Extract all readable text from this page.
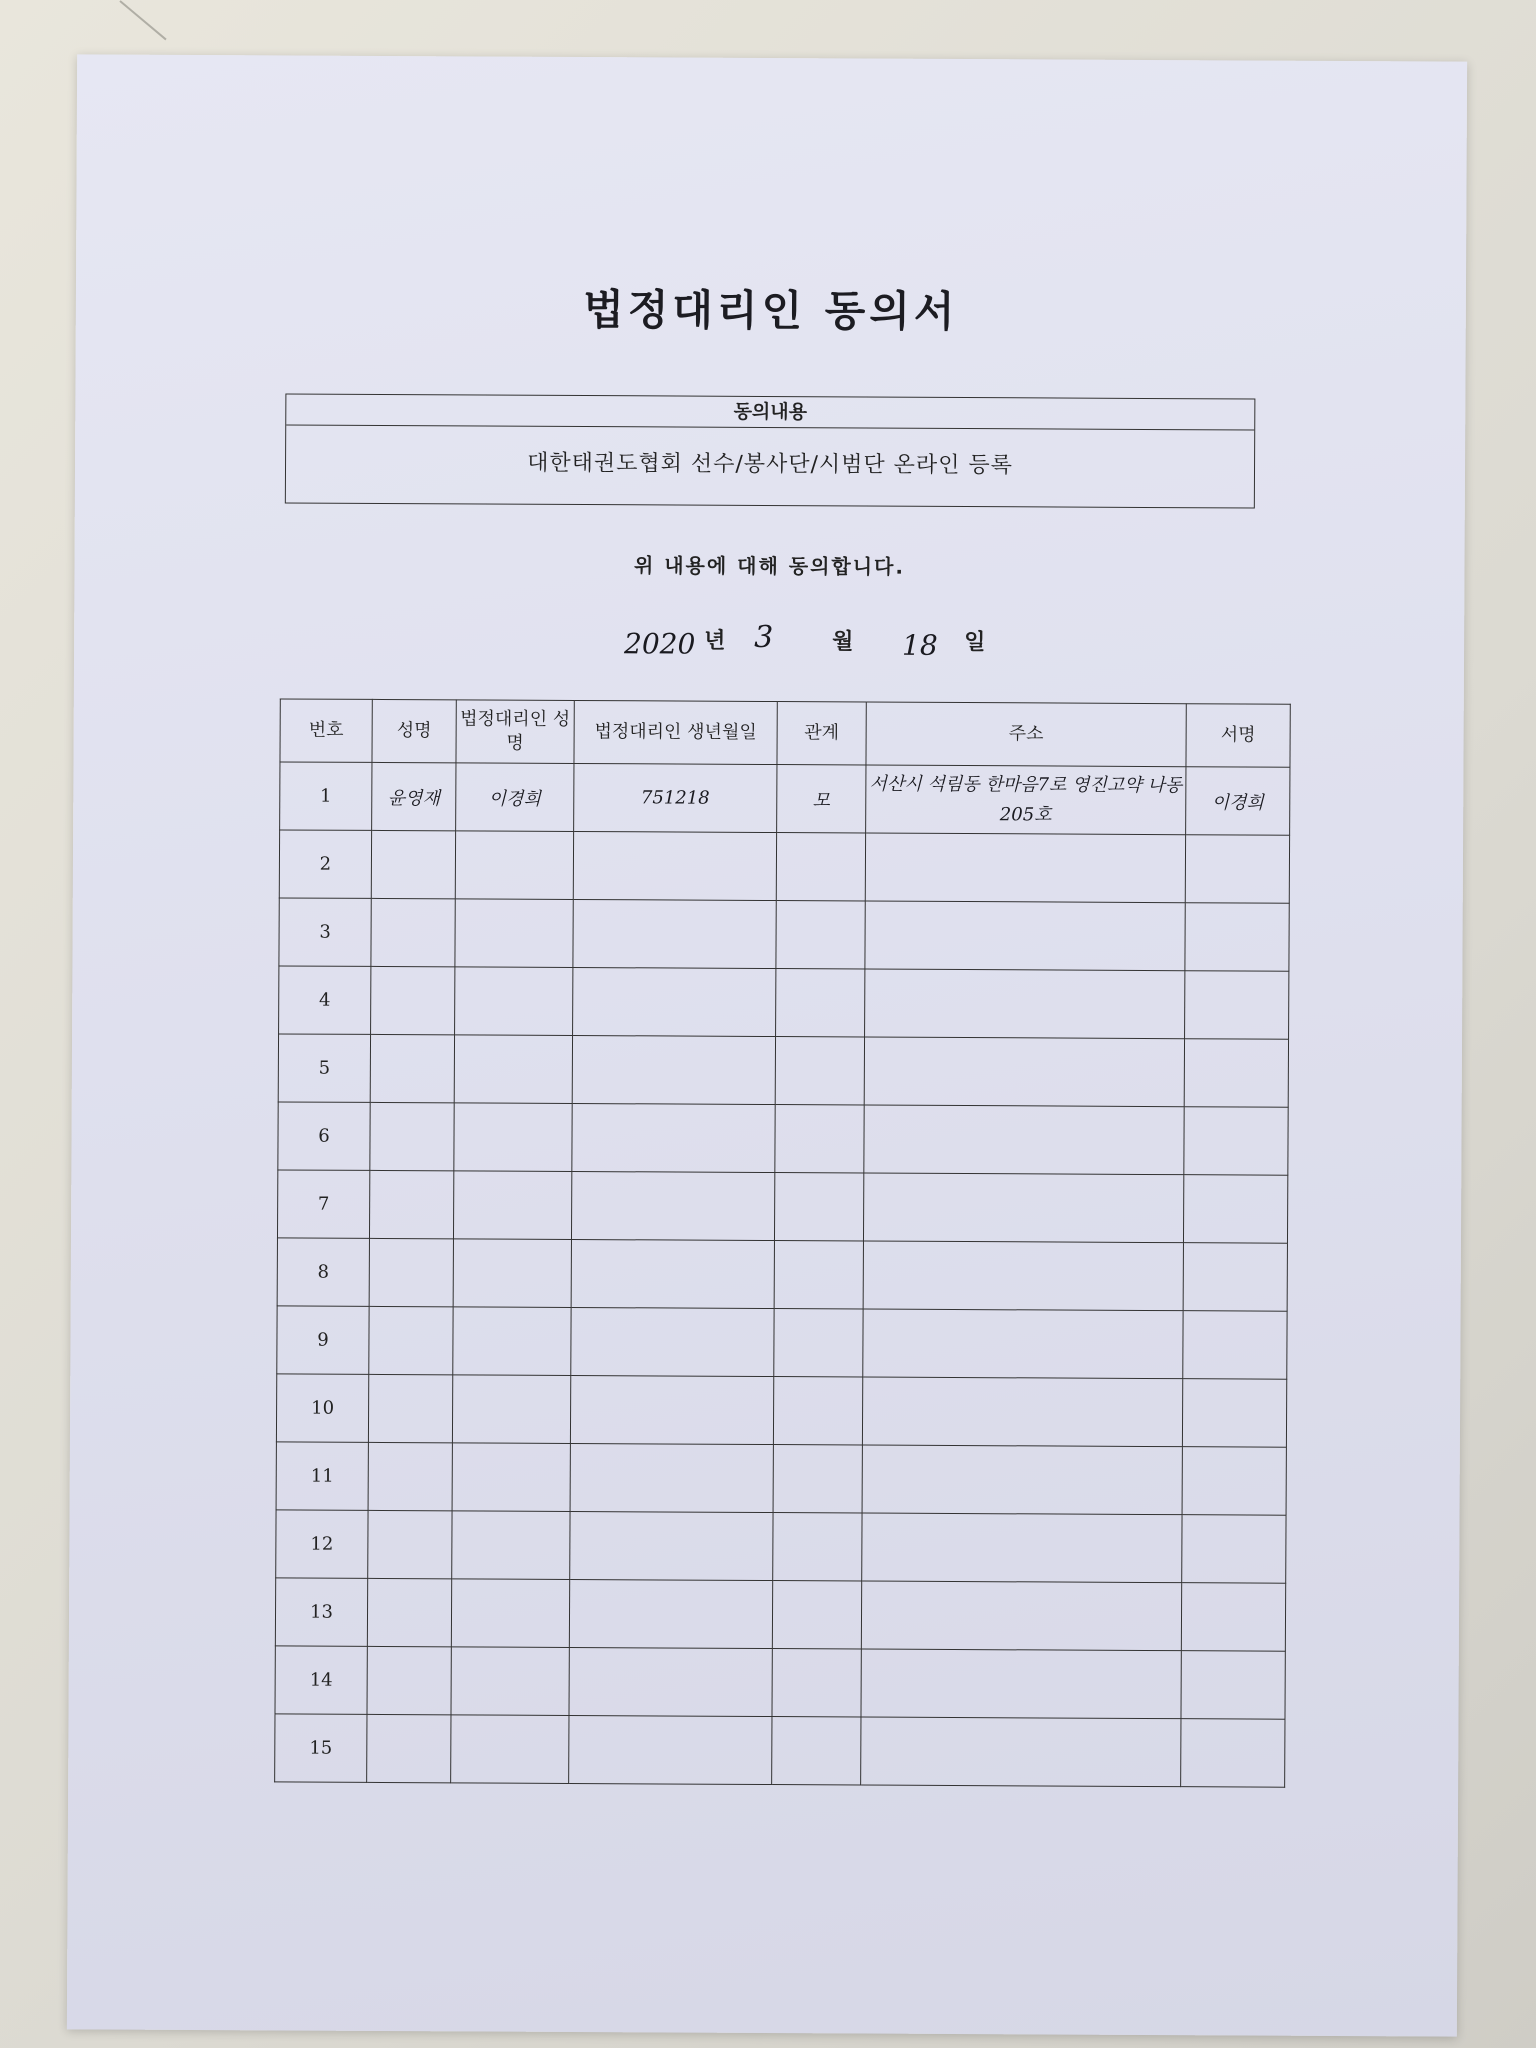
법정대리인 동의서
동의내용
대한태권도협회 선수/봉사단/시범단 온라인 등록
위 내용에 대해 동의합니다.
2020 년 3	월 18 일
번호	성명	법정대리인 성명	법정대리인 생년월일	관계	주소	서명
1	윤영재	이경희	751218	모	서산시 석림동 한마음7로 영진고약 나동 205호	이경희
2						
3						
4						
5						
6						
7						
8						
9						
10						
11						
12						
13						
14						
15						
